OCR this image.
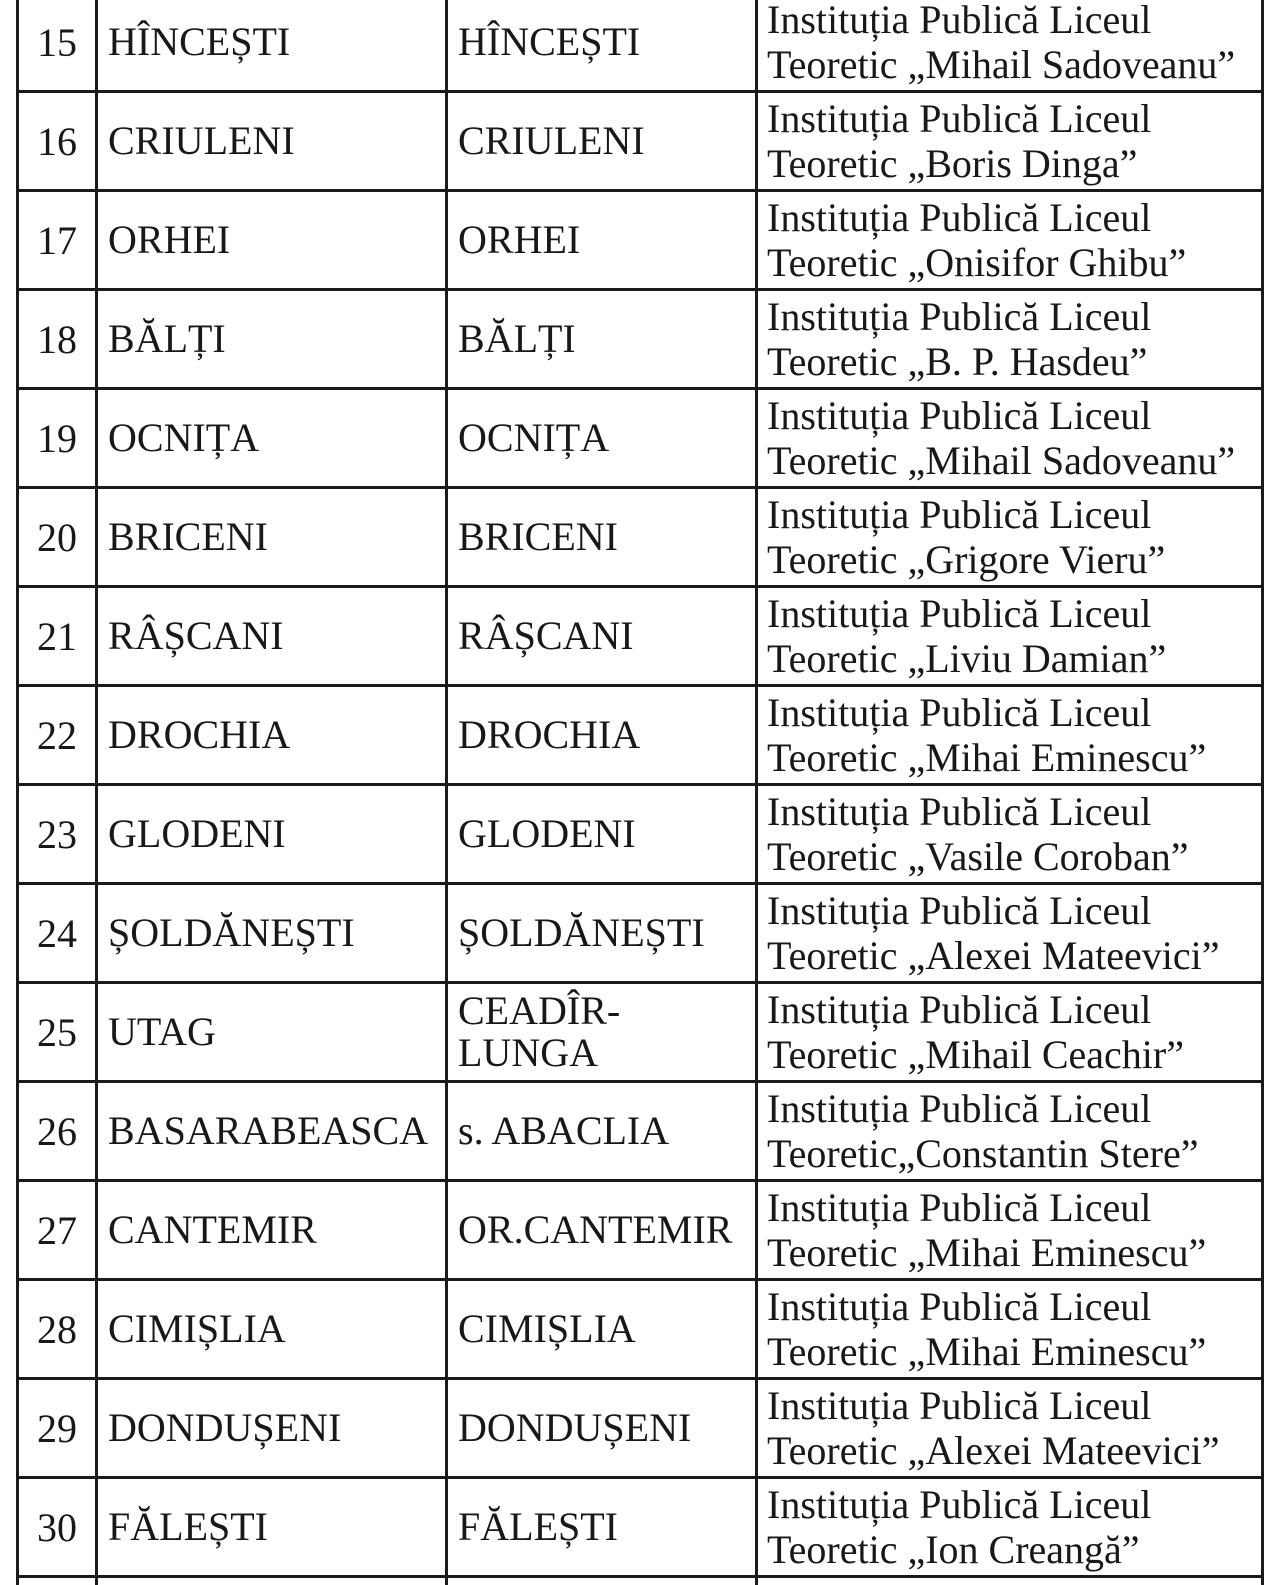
15	HÎNCEȘTI	HÎNCEȘTI	Instituția Publică Liceul
Teoretic „Mihail Sadoveanu”

16	CRIULENI	CRIULENI	Instituția Publică Liceul
Teoretic „Boris Dinga”

17	ORHEI	ORHEI	Instituția Publică Liceul
Teoretic „Onisifor Ghibu”

18	BĂLȚI	BĂLȚI	Instituția Publică Liceul
Teoretic „B. P. Hasdeu”

19	OCNIȚA	OCNIȚA	Instituția Publică Liceul
Teoretic „Mihail Sadoveanu”

20	BRICENI	BRICENI	Instituția Publică Liceul
Teoretic „Grigore Vieru”

21	RÂȘCANI	RÂȘCANI	Instituția Publică Liceul
Teoretic „Liviu Damian”

22	DROCHIA	DROCHIA	Instituția Publică Liceul
Teoretic „Mihai Eminescu”

23	GLODENI	GLODENI	Instituția Publică Liceul
Teoretic „Vasile Coroban”

24	ȘOLDĂNEȘTI	ȘOLDĂNEȘTI	Instituția Publică Liceul
Teoretic „Alexei Mateevici”

25	UTAG	CEADÎR-LUNGA	Instituția Publică Liceul
Teoretic „Mihail Ceachir”

26	BASARABEASCA	s. ABACLIA	Instituția Publică Liceul
Teoretic„Constantin Stere”

27	CANTEMIR	OR.CANTEMIR	Instituția Publică Liceul
Teoretic „Mihai Eminescu”

28	CIMIȘLIA	CIMIȘLIA	Instituția Publică Liceul
Teoretic „Mihai Eminescu”

29	DONDUȘENI	DONDUȘENI	Instituția Publică Liceul
Teoretic „Alexei Mateevici”

30	FĂLEȘTI	FĂLEȘTI	Instituția Publică Liceul
Teoretic „Ion Creangă”
